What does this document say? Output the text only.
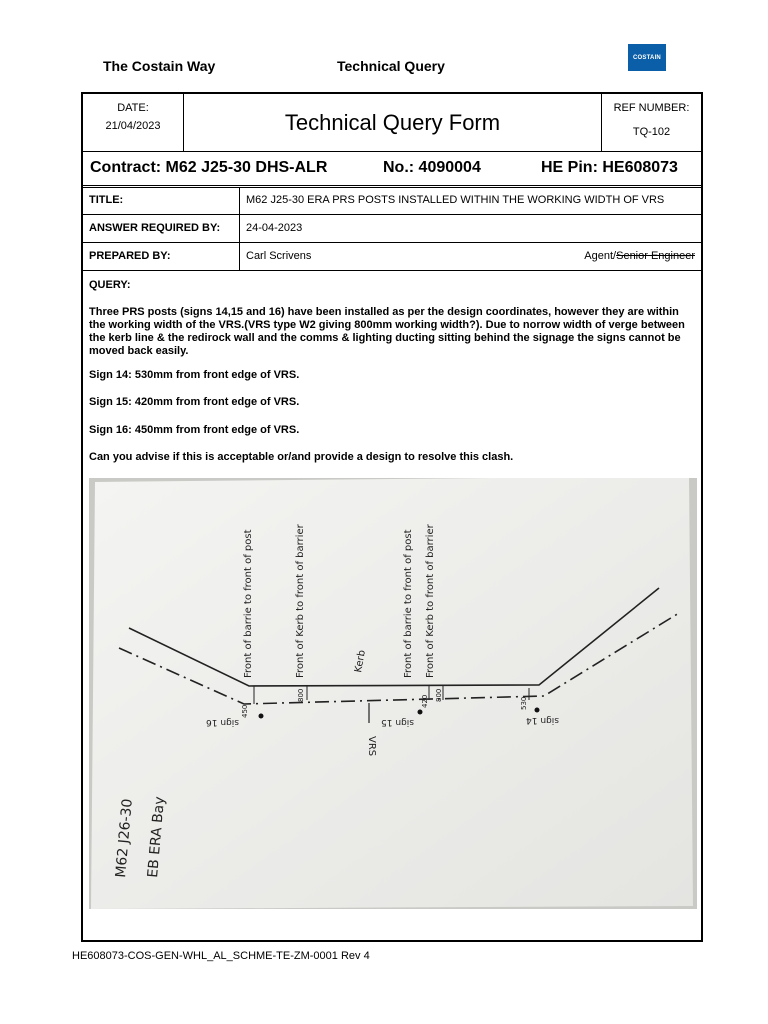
The Costain Way	Technical Query	COSTAIN
DATE:
21/04/2023	Technical Query Form
REF NUMBER:
TQ-102
Contract: M62 J25-30 DHS-ALR	No.: 4090004	HE Pin: HE608073
TITLE:	M62 J25-30 ERA PRS POSTS INSTALLED WITHIN THE WORKING WIDTH OF VRS
ANSWER REQUIRED BY:	24-04-2023
PREPARED BY:	Carl Scrivens	Agent/Senior Engineer
QUERY:
Three PRS posts (signs 14,15 and 16) have been installed as per the design coordinates, however they are within the working width of the VRS.(VRS type W2 giving 800mm working width?). Due to norrow width of verge between the kerb line & the redirock wall and the comms & lighting ducting sitting behind the signage the signs cannot be moved back easily.
Sign 14: 530mm from front edge of VRS.
Sign 15: 420mm from front edge of VRS.
Sign 16: 450mm from front edge of VRS.
Can you advise if this is acceptable or/and provide a design to resolve this clash.
Front of barrie to front of post	Front of Kerb to front of barrier	Front of barrie to front of post Front of Kerb to front of barrier
Kerb
VRS
sign 16	sign 15	sign 14
450
800	420 800
530
M62 J26-30 EB ERA Bay
HE608073-COS-GEN-WHL_AL_SCHME-TE-ZM-0001 Rev 4
